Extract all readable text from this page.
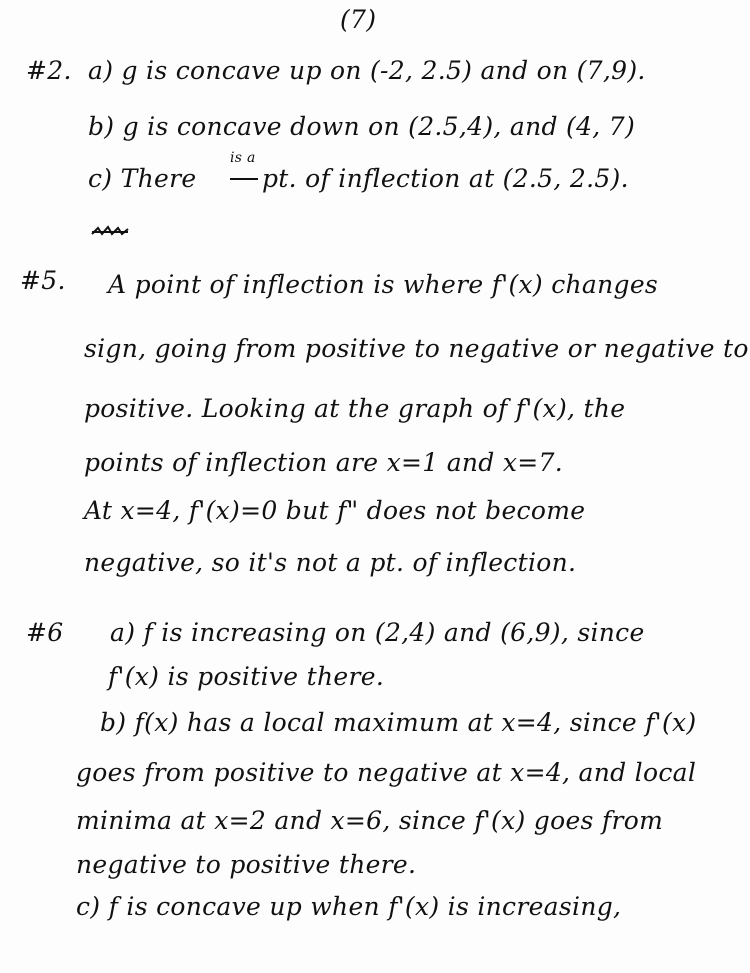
(7)
#2. a) g is concave up on (-2, 2.5) and on (7,9).
b) g is concave down on (2.5,4), and (4, 7)
c) There
is a
pt. of inflection at (2.5, 2.5).
#5. A point of inflection is where f'(x) changes
sign, going from positive to negative or negative to
positive. Looking at the graph of f'(x), the
points of inflection are x=1 and x=7.
At x=4, f'(x)=0 but f" does not become
negative, so it's not a pt. of inflection.
#6 a) f is increasing on (2,4) and (6,9), since
f'(x) is positive there.
b) f(x) has a local maximum at x=4, since f'(x)
goes from positive to negative at x=4, and local
minima at x=2 and x=6, since f'(x) goes from
negative to positive there.
c) f is concave up when f'(x) is increasing,
